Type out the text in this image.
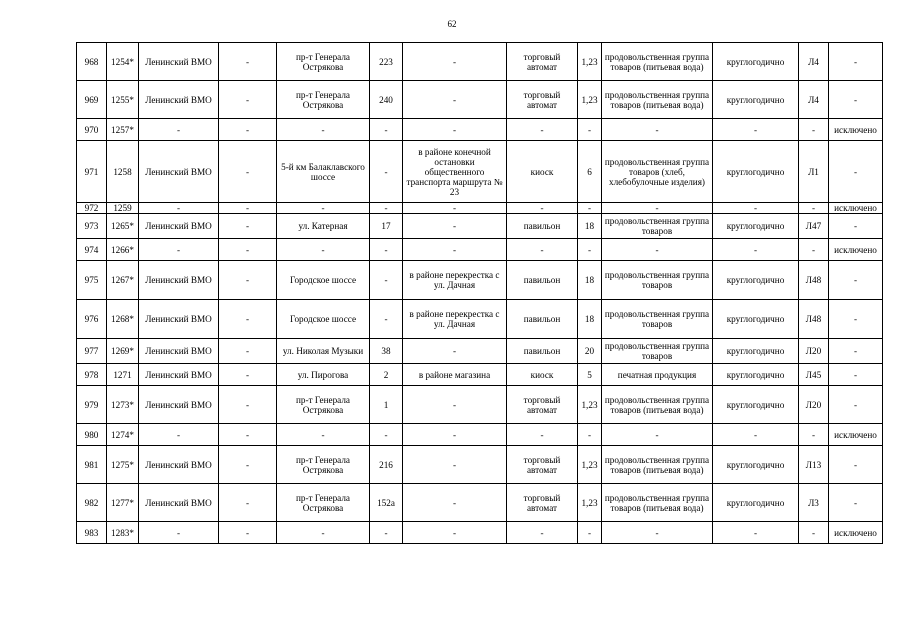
62
968	1254*	Ленинский ВМО	-	пр-т Генерала Острякова	223	-	торговый автомат	1,23	продовольственная группа товаров (питьевая вода)	круглогодично	Л4	-
969	1255*	Ленинский ВМО	-	пр-т Генерала Острякова	240	-	торговый автомат	1,23	продовольственная группа товаров (питьевая вода)	круглогодично	Л4	-
970	1257*	-	-	-	-	-	-	-	-	-	-	исключено
971	1258	Ленинский ВМО	-	5-й км Балаклавского шоссе	-	в районе конечной остановки общественного транспорта маршрута № 23	киоск	6	продовольственная группа товаров (хлеб, хлебобулочные изделия)	круглогодично	Л1	-
972	1259	-	-	-	-	-	-	-	-	-	-	исключено
973	1265*	Ленинский ВМО	-	ул. Катерная	17	-	павильон	18	продовольственная группа товаров	круглогодично	Л47	-
974	1266*	-	-	-	-	-	-	-	-	-	-	исключено
975	1267*	Ленинский ВМО	-	Городское шоссе	-	в районе перекрестка с ул. Дачная	павильон	18	продовольственная группа товаров	круглогодично	Л48	-
976	1268*	Ленинский ВМО	-	Городское шоссе	-	в районе перекрестка с ул. Дачная	павильон	18	продовольственная группа товаров	круглогодично	Л48	-
977	1269*	Ленинский ВМО	-	ул. Николая Музыки	38	-	павильон	20	продовольственная группа товаров	круглогодично	Л20	-
978	1271	Ленинский ВМО	-	ул. Пирогова	2	в районе магазина	киоск	5	печатная продукция	круглогодично	Л45	-
979	1273*	Ленинский ВМО	-	пр-т Генерала Острякова	1	-	торговый автомат	1,23	продовольственная группа товаров (питьевая вода)	круглогодично	Л20	-
980	1274*	-	-	-	-	-	-	-	-	-	-	исключено
981	1275*	Ленинский ВМО	-	пр-т Генерала Острякова	216	-	торговый автомат	1,23	продовольственная группа товаров (питьевая вода)	круглогодично	Л13	-
982	1277*	Ленинский ВМО	-	пр-т Генерала Острякова	152а	-	торговый автомат	1,23	продовольственная группа товаров (питьевая вода)	круглогодично	Л3	-
983	1283*	-	-	-	-	-	-	-	-	-	-	исключено
